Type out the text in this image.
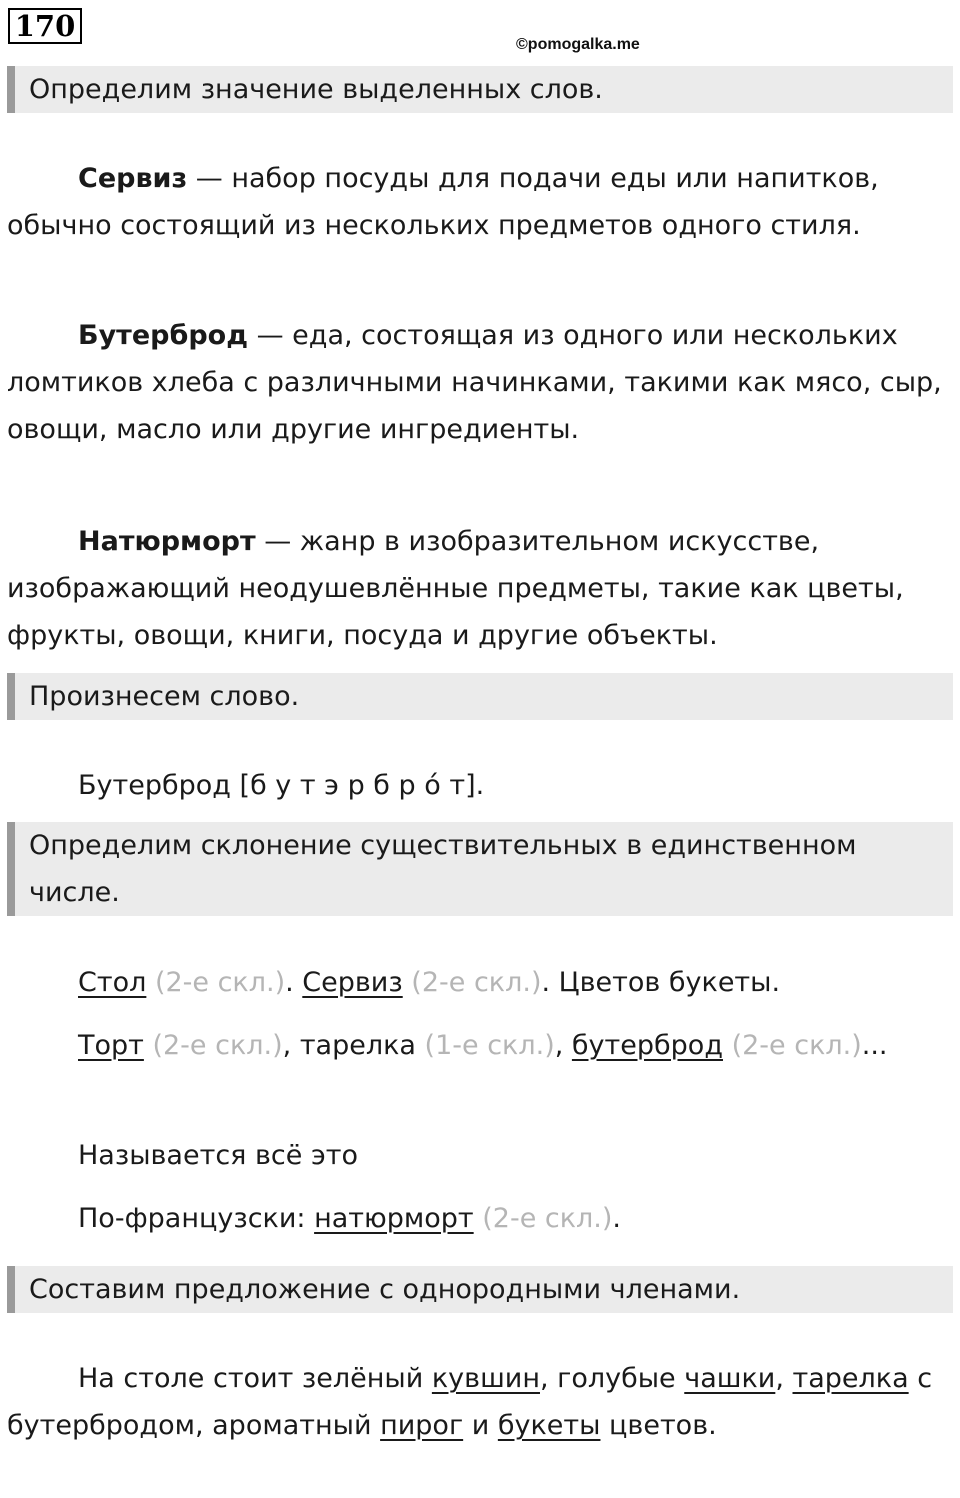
170
©pomogalka.me
Определим значение выделенных слов.
Сервиз — набор посуды для подачи еды или напитков, обычно состоящий из нескольких предметов одного стиля.
Бутерброд — еда, состоящая из одного или нескольких ломтиков хлеба с различными начинками, такими как мясо, сыр, овощи, масло или другие ингредиенты.
Натюрморт — жанр в изобразительном искусстве, изображающий неодушевлённые предметы, такие как цветы, фрукты, овощи, книги, посуда и другие объекты.
Произнесем слово.
Бутерброд [б у т э р б р о́ т].
Определим склонение существительных в единственном числе.
Стол (2-е скл.). Сервиз (2-е скл.). Цветов букеты.
Торт (2-е скл.), тарелка (1-е скл.), бутерброд (2-е скл.)...
Называется всё это
По-французски: натюрморт (2-е скл.).
Составим предложение с однородными членами.
На столе стоит зелёный кувшин, голубые чашки, тарелка с бутербродом, ароматный пирог и букеты цветов.
